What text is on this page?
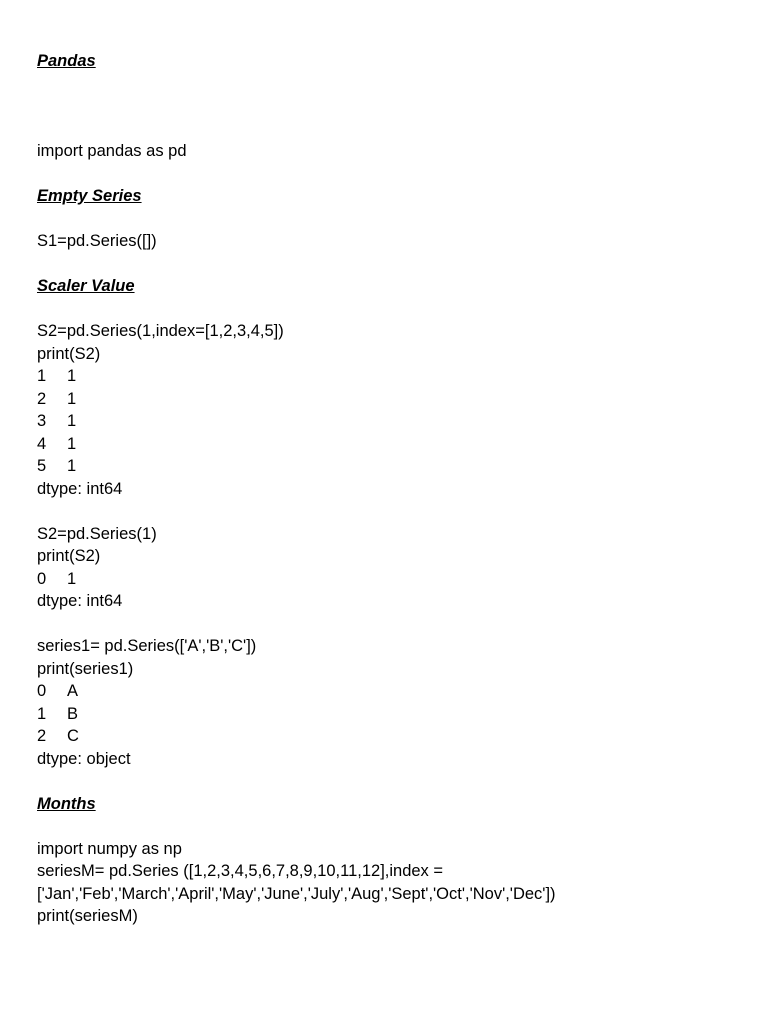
Pandas
import pandas as pd
Empty Series
S1=pd.Series([])
Scaler Value
S2=pd.Series(1,index=[1,2,3,4,5])
print(S2)
1	1
2	1
3	1
4	1
5	1
dtype: int64
S2=pd.Series(1)
print(S2)
0	1
dtype: int64
series1= pd.Series(['A','B','C'])
print(series1)
0	A
1	B
2	C
dtype: object
Months
import numpy as np
seriesM= pd.Series ([1,2,3,4,5,6,7,8,9,10,11,12],index =
['Jan','Feb','March','April','May','June','July','Aug','Sept','Oct','Nov','Dec'])
print(seriesM)
